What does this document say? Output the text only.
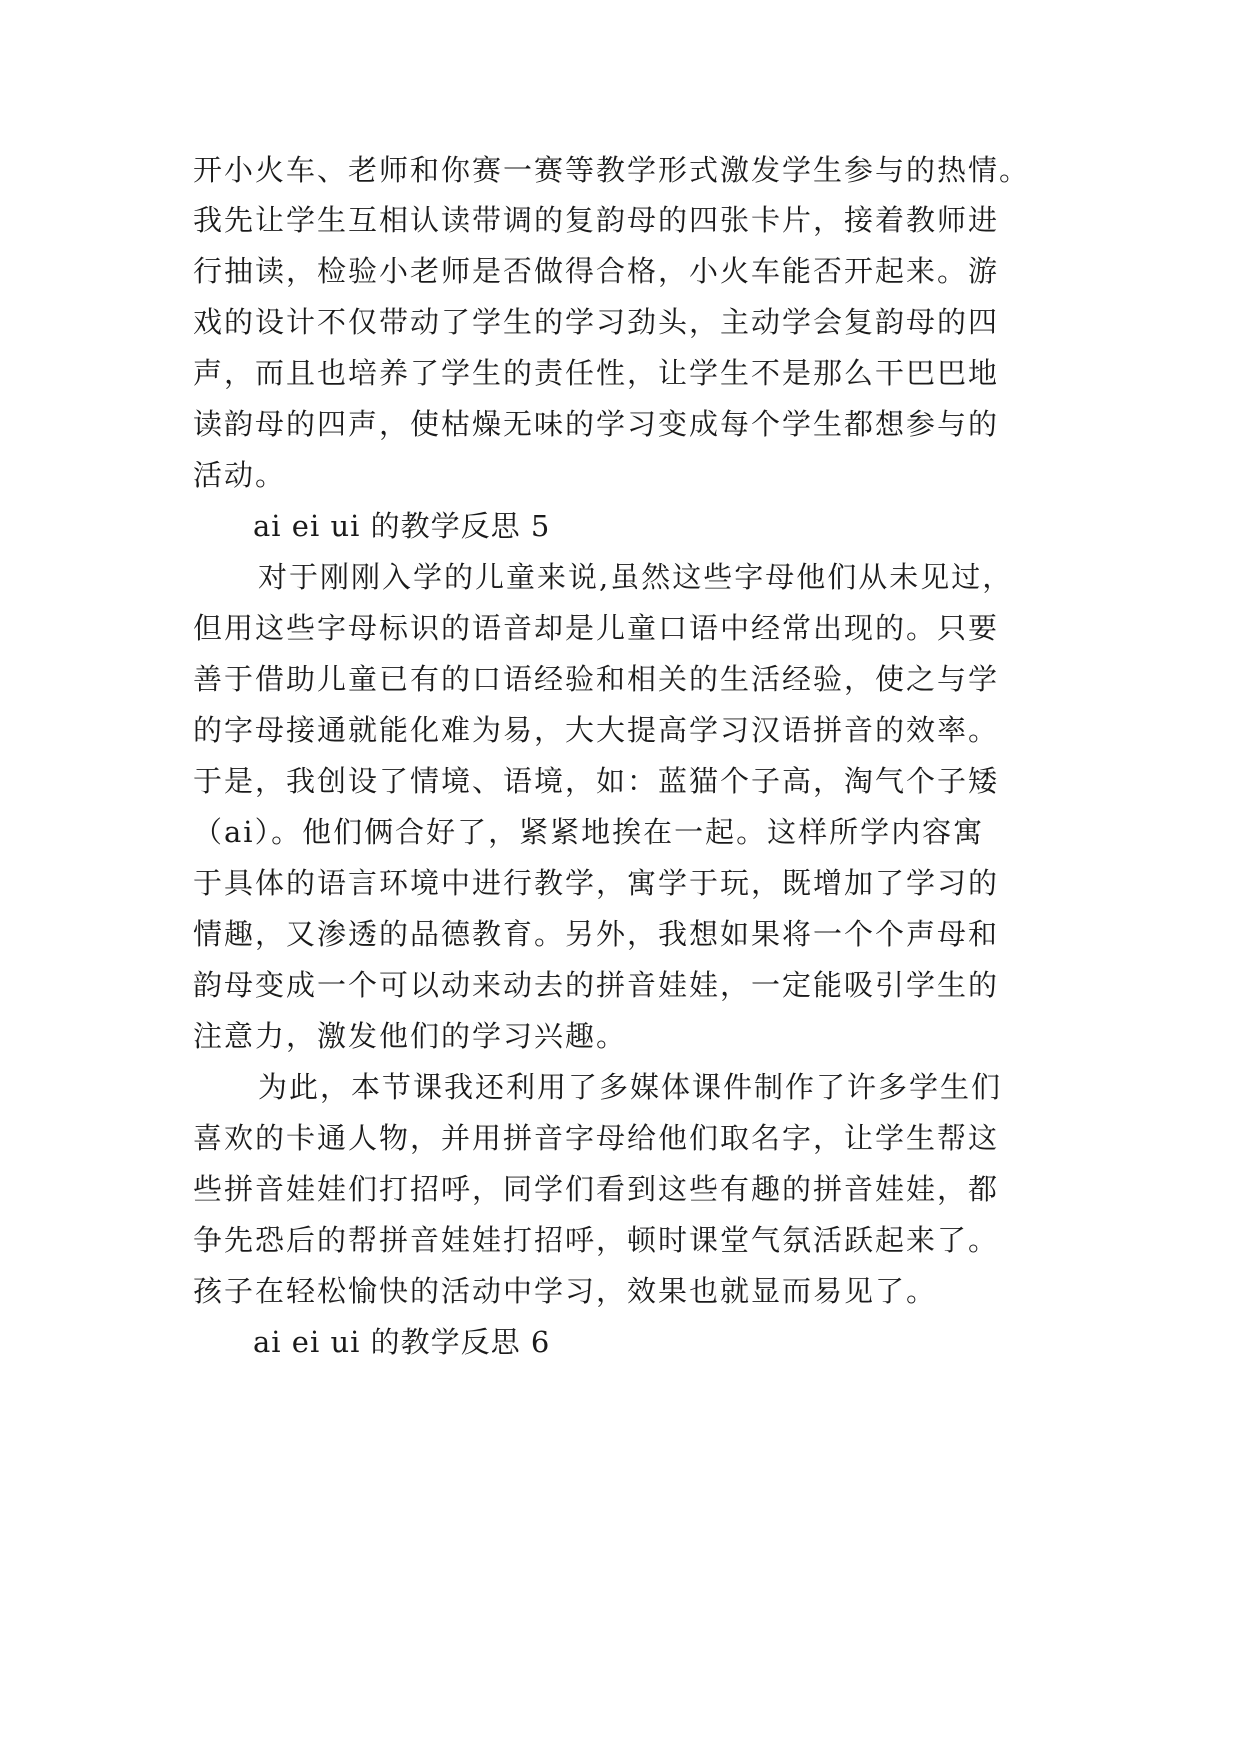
开小火车、老师和你赛一赛等教学形式激发学生参与的热情。
我先让学生互相认读带调的复韵母的四张卡片，接着教师进
行抽读，检验小老师是否做得合格，小火车能否开起来。游
戏的设计不仅带动了学生的学习劲头，主动学会复韵母的四
声，而且也培养了学生的责任性，让学生不是那么干巴巴地
读韵母的四声，使枯燥无味的学习变成每个学生都想参与的
活动。
ai ei ui 的教学反思 5
对于刚刚入学的儿童来说,虽然这些字母他们从未见过，
但用这些字母标识的语音却是儿童口语中经常出现的。只要
善于借助儿童已有的口语经验和相关的生活经验，使之与学
的字母接通就能化难为易，大大提高学习汉语拼音的效率。
于是，我创设了情境、语境，如：蓝猫个子高，淘气个子矮
（ai）。他们俩合好了，紧紧地挨在一起。这样所学内容寓
于具体的语言环境中进行教学，寓学于玩，既增加了学习的
情趣，又渗透的品德教育。另外，我想如果将一个个声母和
韵母变成一个可以动来动去的拼音娃娃，一定能吸引学生的
注意力，激发他们的学习兴趣。
为此，本节课我还利用了多媒体课件制作了许多学生们
喜欢的卡通人物，并用拼音字母给他们取名字，让学生帮这
些拼音娃娃们打招呼，同学们看到这些有趣的拼音娃娃，都
争先恐后的帮拼音娃娃打招呼，顿时课堂气氛活跃起来了。
孩子在轻松愉快的活动中学习，效果也就显而易见了。
ai ei ui 的教学反思 6
